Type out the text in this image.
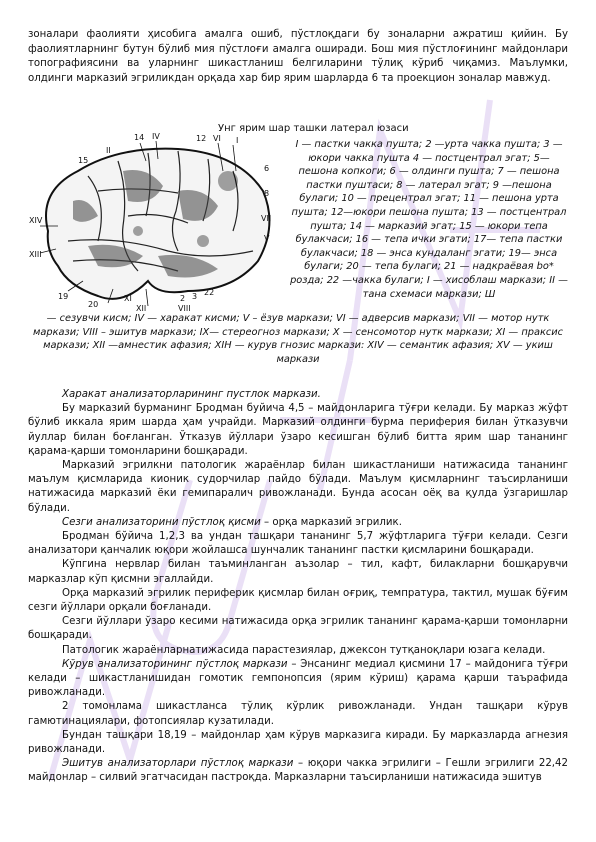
зоналари фаолияти ҳисобига амалга ошиб, пўстлоқдаги бу зоналарни ажратиш қийин. Бу фаолиятларнинг бутун бўлиб мия пўстлоғи амалга оширади. Бош мия пўстлоғининг майдонлари топографиясини ва уларнинг шикастланиш белгиларини тўлиқ кўриб чиқамиз. Маълумки, олдинги марказий эгриликдан орқада хар бир ярим шарларда 6 та проекцион зоналар мавжуд.

Унг ярим шар ташки латерал юзаси
14 IV	12 VI I
II
15
6
8
VII
V
XIV
XIII
19
20
XI
XII
2 3 22
VIII
I — пастки чакка пушта; 2 —урта чакка пушта; 3 — юкори чакка пушта 4 — постцентрал эгат; 5— пешона копкоги; 6 — олдинги пушта; 7 — пешона пастки пуштаси; 8 — латерал эгат; 9 —пешона булаги; 10 — прецентрал эгат; 11 — пешона урта пушта; 12—юкори пешона пушта; 13 — постцентрал пушта; 14 — марказий эгат; 15 — юкори тепа булакчаси; 16 — тепа ички эгати; 17— тепа пастки булакчаси; 18 — энса кундаланг эгати; 19— энса булаги; 20 — тепа булаги; 21 — надкраёвая bo* розда; 22 —чакка булаги; I — хисоблаш маркази; II —тана схемаси маркази; Ш
— сезувчи кисм; IV — харакат кисми; V – ёзув маркази; VI — адверсив маркази; VII — мотор нутк маркази; VIII – эшитув маркази; IX— стереогноз маркази; X — сенсомотор нутк маркази; XI — праксис маркази; XII —амнестик афазия; XIH — курув гнозис маркази: XIV — семантик афазия; XV — укиш маркази

Харакат анализаторларининг пустлок маркази.

Бу марказий бурманинг Бродман буйича 4,5 – майдонларига тўғри келади. Бу марказ жўфт бўлиб иккала ярим шарда ҳам учрайди. Марказий олдинги бурма периферия билан ўтказувчи йуллар билан боғланган. Ўтказув йўллари ўзаро кесишган бўлиб битта ярим шар тананинг қарама-қарши томонларини бошқаради.

Марказий эгрилкни патологик жараёнлар билан шикастланиши натижасида тананинг маълум қисмларида кионик судорчилар пайдо бўлади. Маълум қисмларнинг таъсирланиши натижасида марказий ёки гемипаралич ривожланади. Бунда асосан оёқ ва қулда ўзгаришлар бўлади.

Сезги анализаторини пўстлоқ қисми – орқа марказий эгрилик.

Бродман бўйича 1,2,3 ва ундан ташқари тананинг 5,7 жўфтларига тўғри келади. Сезги анализатори қанчалик юқори жойлашса шунчалик тананинг пастки қисмларини бошқаради.

Кўпгина нервлар билан таъминланган аъзолар – тил, кафт, билакларни бошқарувчи марказлар кўп қисмни эгаллайди.

Орқа марказий эгрилик периферик қисмлар билан оғриқ, темпратура, тактил, мушак бўғим сезги йўллари орқали боғланади.

Сезги йўллари ўзаро кесими натижасида орқа эгрилик тананинг қарама-қарши томонларни бошқаради.

Патологик жараёнларнатижасида парастезиялар, джексон тутқаноқлари юзага келади.

Кўрув анализаторининг пўстлоқ маркази – Энсанинг медиал қисмини 17 – майдонига тўғри келади – шикастланишидан гомотик гемпонопсия (ярим кўриш) қарама қарши таърафида ривожланади.

2 томонлама шикастланса тўлиқ кўрлик ривожланади. Ундан ташқари кўрув гамютинациялари, фотопсиялар кузатилади.

Бундан ташқари 18,19 – майдонлар ҳам кўрув марказига киради. Бу марказларда агнезия ривожланади.

Эшитув анализаторлари пўстлоқ маркази – юқори чакка эгрилиги – Гешли эгрилиги 22,42 майдонлар – силвий эгатчасидан пастроқда. Марказларни таъсирланиши натижасида эшитув
